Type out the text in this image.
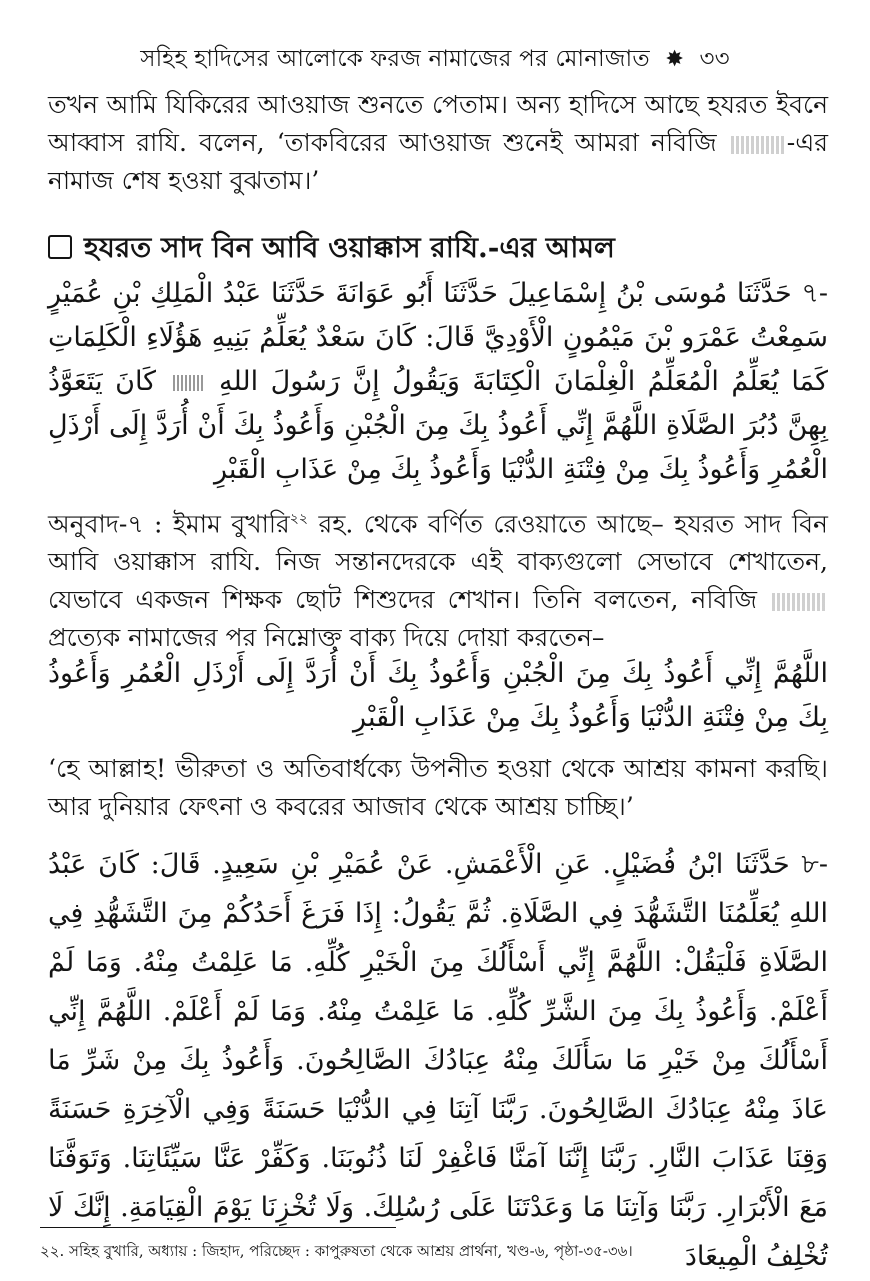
সহিহ হাদিসের আলোকে ফরজ নামাজের পর মোনাজাত ✸ ৩৩
তখন আমি যিকিরের আওয়াজ শুনতে পেতাম। অন্য হাদিসে আছে হযরত ইবনে আব্বাস রাযি. বলেন, ‘তাকবিরের আওয়াজ শুনেই আমরা নবিজি	-এর নামাজ শেষ হওয়া বুঝতাম।’
হযরত সাদ বিন আবি ওয়াক্কাস রাযি.-এর আমল
৭- حَدَّثَنَا مُوسَى بْنُ إِسْمَاعِيلَ حَدَّثَنَا أَبُو عَوَانَةَ حَدَّثَنَا عَبْدُ الْمَلِكِ بْنِ عُمَيْرٍ سَمِعْتُ عَمْرَو بْنَ مَيْمُونٍ الْأَوْدِيَّ قَالَ: كَانَ سَعْدٌ يُعَلِّمُ بَنِيهِ هَؤُلَاءِ الْكَلِمَاتِ كَمَا يُعَلِّمُ الْمُعَلِّمُ الْغِلْمَانَ الْكِتَابَةَ وَيَقُولُ إِنَّ رَسُولَ اللهِ  كَانَ يَتَعَوَّذُ بِهِنَّ دُبُرَ الصَّلَاةِ اللَّهُمَّ إِنِّي أَعُوذُ بِكَ مِنَ الْجُبْنِ وَأَعُوذُ بِكَ أَنْ أُرَدَّ إِلَى أَرْذَلِ الْعُمُرِ وَأَعُوذُ بِكَ مِنْ فِتْنَةِ الدُّنْيَا وَأَعُوذُ بِكَ مِنْ عَذَابِ الْقَبْرِ
অনুবাদ-৭ : ইমাম বুখারি$^{২২}$ রহ. থেকে বর্ণিত রেওয়াতে আছে– হযরত সাদ বিন আবি ওয়াক্কাস রাযি. নিজ সন্তানদেরকে এই বাক্যগুলো সেভাবে শেখাতেন, যেভাবে একজন শিক্ষক ছোট শিশুদের শেখান। তিনি বলতেন, নবিজি  প্রত্যেক নামাজের পর নিম্নোক্ত বাক্য দিয়ে দোয়া করতেন–
اللَّهُمَّ إِنِّي أَعُوذُ بِكَ مِنَ الْجُبْنِ وَأَعُوذُ بِكَ أَنْ أُرَدَّ إِلَى أَرْذَلِ الْعُمُرِ وَأَعُوذُ بِكَ مِنْ فِتْنَةِ الدُّنْيَا وَأَعُوذُ بِكَ مِنْ عَذَابِ الْقَبْرِ
‘হে আল্লাহ! ভীরুতা ও অতিবার্ধক্যে উপনীত হওয়া থেকে আশ্রয় কামনা করছি। আর দুনিয়ার ফেৎনা ও কবরের আজাব থেকে আশ্রয় চাচ্ছি।’
৮- حَدَّثَنَا ابْنُ فُضَيْلٍ. عَنِ الْأَعْمَشِ. عَنْ عُمَيْرِ بْنِ سَعِيدٍ. قَالَ: كَانَ عَبْدُ اللهِ يُعَلِّمُنَا التَّشَهُّدَ فِي الصَّلَاةِ. ثُمَّ يَقُولُ: إِذَا فَرَغَ أَحَدُكُمْ مِنَ التَّشَهُّدِ فِي الصَّلَاةِ فَلْيَقُلْ: اللَّهُمَّ إِنِّي أَسْأَلُكَ مِنَ الْخَيْرِ كُلِّهِ. مَا عَلِمْتُ مِنْهُ. وَمَا لَمْ أَعْلَمْ. وَأَعُوذُ بِكَ مِنَ الشَّرِّ كُلِّهِ. مَا عَلِمْتُ مِنْهُ. وَمَا لَمْ أَعْلَمْ. اللَّهُمَّ إِنِّي أَسْأَلُكَ مِنْ خَيْرِ مَا سَأَلَكَ مِنْهُ عِبَادُكَ الصَّالِحُونَ. وَأَعُوذُ بِكَ مِنْ شَرِّ مَا عَاذَ مِنْهُ عِبَادُكَ الصَّالِحُونَ. رَبَّنَا آتِنَا فِي الدُّنْيَا حَسَنَةً وَفِي الْآخِرَةِ حَسَنَةً وَقِنَا عَذَابَ النَّارِ. رَبَّنَا إِنَّنَا آمَنَّا فَاغْفِرْ لَنَا ذُنُوبَنَا. وَكَفِّرْ عَنَّا سَيِّئَاتِنَا. وَتَوَفَّنَا مَعَ الْأَبْرَارِ. رَبَّنَا وَآتِنَا مَا وَعَدْتَنَا عَلَى رُسُلِكَ. وَلَا تُخْزِنَا يَوْمَ الْقِيَامَةِ. إِنَّكَ لَا تُخْلِفُ الْمِيعَادَ
২২. সহিহ বুখারি, অধ্যায় : জিহাদ, পরিচ্ছেদ : কাপুরুষতা থেকে আশ্রয় প্রার্থনা, খণ্ড-৬, পৃষ্ঠা-৩৫-৩৬।
